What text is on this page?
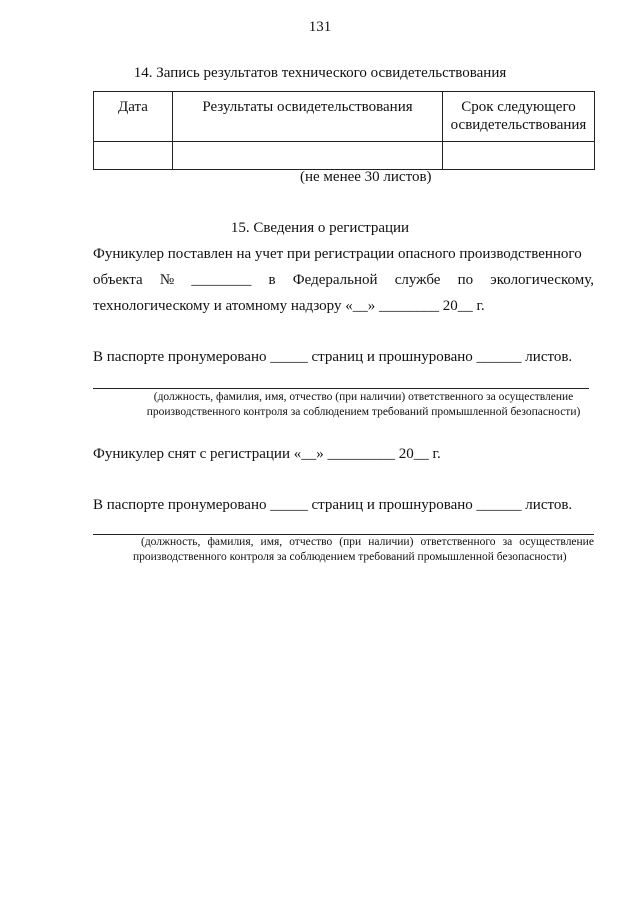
131
14. Запись результатов технического освидетельствования
Дата	Результаты освидетельствования	Срок следующего освидетельствования

(не менее 30 листов)
15. Сведения о регистрации
Фуникулер поставлен на учет при регистрации опасного производственного
объекта № ________ в Федеральной службе по экологическому,
технологическому и атомному надзору «__» ________ 20__ г.
В паспорте пронумеровано _____ страниц и прошнуровано ______ листов.
(должность, фамилия, имя, отчество (при наличии) ответственного за осуществление
производственного контроля за соблюдением требований промышленной безопасности)
Фуникулер снят с регистрации «__» _________ 20__ г.
В паспорте пронумеровано _____ страниц и прошнуровано ______ листов.
(должность, фамилия, имя, отчество (при наличии) ответственного за осуществление
производственного контроля за соблюдением требований промышленной безопасности)
